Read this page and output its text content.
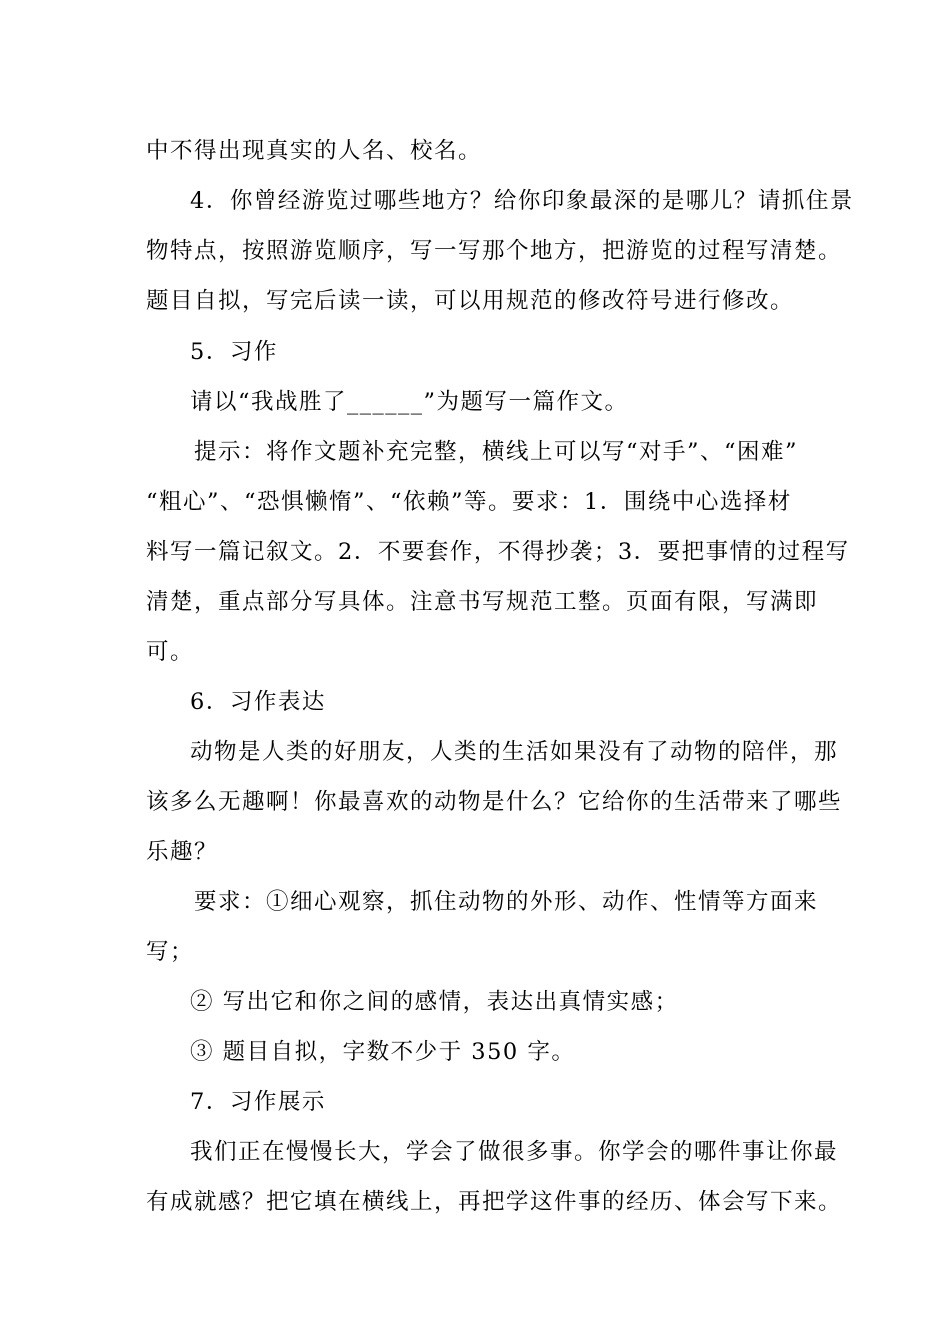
中不得出现真实的人名、校名。
4．你曾经游览过哪些地方？给你印象最深的是哪儿？请抓住景
物特点，按照游览顺序，写一写那个地方，把游览的过程写清楚。
题目自拟，写完后读一读，可以用规范的修改符号进行修改。
5．习作
请以“我战胜了______”为题写一篇作文。
提示：将作文题补充完整，横线上可以写“对手”、“困难”
“粗心”、“恐惧懒惰”、“依赖”等。要求：1．围绕中心选择材
料写一篇记叙文。2．不要套作，不得抄袭；3．要把事情的过程写
清楚，重点部分写具体。注意书写规范工整。页面有限，写满即
可。
6．习作表达
动物是人类的好朋友，人类的生活如果没有了动物的陪伴，那
该多么无趣啊！你最喜欢的动物是什么？它给你的生活带来了哪些
乐趣？
要求：①细心观察，抓住动物的外形、动作、性情等方面来
写；
② 写出它和你之间的感情，表达出真情实感；
③ 题目自拟，字数不少于 350 字。
7．习作展示
我们正在慢慢长大，学会了做很多事。你学会的哪件事让你最
有成就感？把它填在横线上，再把学这件事的经历、体会写下来。
